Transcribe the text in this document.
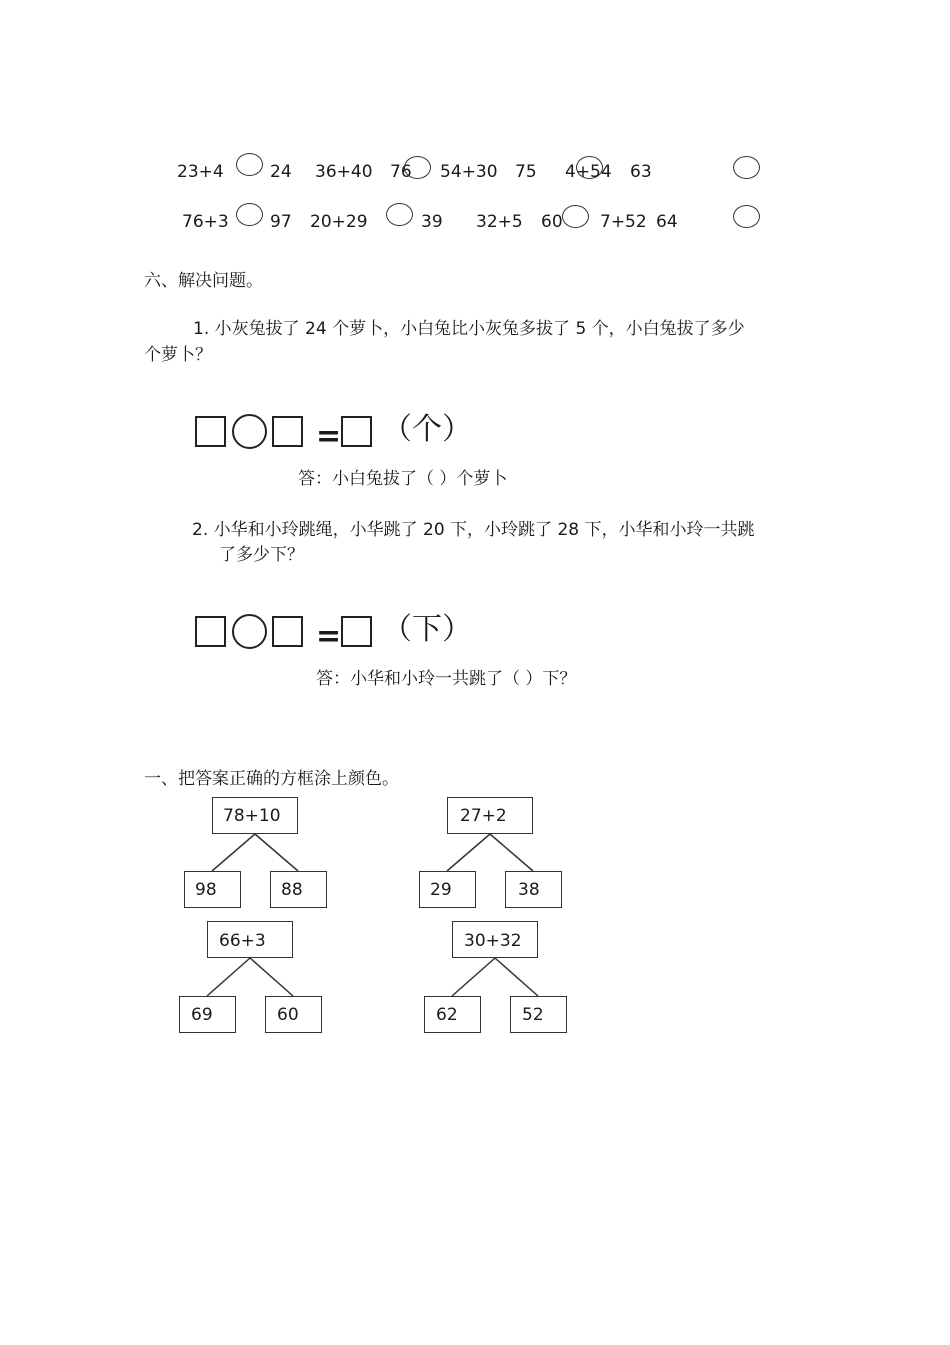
23+4	24 36+40 76 54+30 75 4+54 63
76+3 97 20+29	39 32+5 60 7+52 64
六、解决问题。
1. 小灰兔拔了 24 个萝卜，小白兔比小灰兔多拔了 5 个，小白兔拔了多少
个萝卜？
= （个）
答：小白兔拔了（ ）个萝卜
2. 小华和小玲跳绳，小华跳了 20 下，小玲跳了 28 下，小华和小玲一共跳
了多少下？
= （下）
答：小华和小玲一共跳了（ ）下？
一、把答案正确的方框涂上颜色。
78+10
98	88
27+2
29	38
66+3
69	60
30+32
62	52
